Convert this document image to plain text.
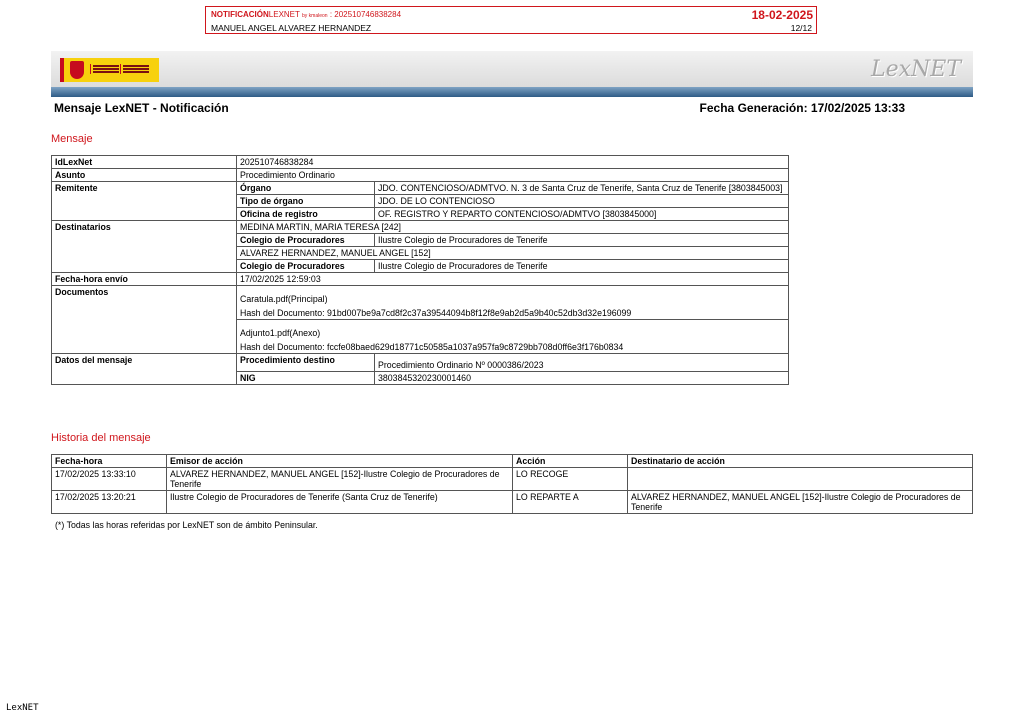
NOTIFICACIÓNLEXNET by kmaleon : 202510746838284
MANUEL ANGEL ALVAREZ HERNANDEZ
18-02-2025
12/12
LexNET
Mensaje LexNET - Notificación	Fecha Generación: 17/02/2025 13:33
Mensaje
IdLexNet	202510746838284	
Asunto	Procedimiento Ordinario	
Remitente	Órgano	JDO. CONTENCIOSO/ADMTVO. N. 3 de Santa Cruz de Tenerife, Santa Cruz de Tenerife [3803845003]
	Tipo de órgano	JDO. DE LO CONTENCIOSO
	Oficina de registro	OF. REGISTRO Y REPARTO CONTENCIOSO/ADMTVO [3803845000]
Destinatarios	MEDINA MARTIN, MARIA TERESA [242]	
	Colegio de Procuradores	Ilustre Colegio de Procuradores de Tenerife
	ALVAREZ HERNANDEZ, MANUEL ANGEL [152]	
	Colegio de Procuradores	Ilustre Colegio de Procuradores de Tenerife
Fecha-hora envío	17/02/2025 12:59:03	
Documentos	Caratula.pdf(Principal)
Hash del Documento: 91bd007be9a7cd8f2c37a39544094b8f12f8e9ab2d5a9b40c52db3d32e196099	

	Adjunto1.pdf(Anexo)
Hash del Documento: fccfe08baed629d18771c50585a1037a957fa9c8729bb708d0ff6e3f176b0834	

Datos del mensaje	Procedimiento destino	Procedimiento Ordinario Nº 0000386/2023
	NIG	3803845320230001460
Historia del mensaje
Fecha-hora	Emisor de acción	Acción	Destinatario de acción
17/02/2025 13:33:10	ALVAREZ HERNANDEZ, MANUEL ANGEL [152]-Ilustre Colegio de Procuradores de Tenerife	LO RECOGE	
17/02/2025 13:20:21	Ilustre Colegio de Procuradores de Tenerife (Santa Cruz de Tenerife)	LO REPARTE A	ALVAREZ HERNANDEZ, MANUEL ANGEL [152]-Ilustre Colegio de Procuradores de Tenerife
(*) Todas las horas referidas por LexNET son de ámbito Peninsular.
LexNET
